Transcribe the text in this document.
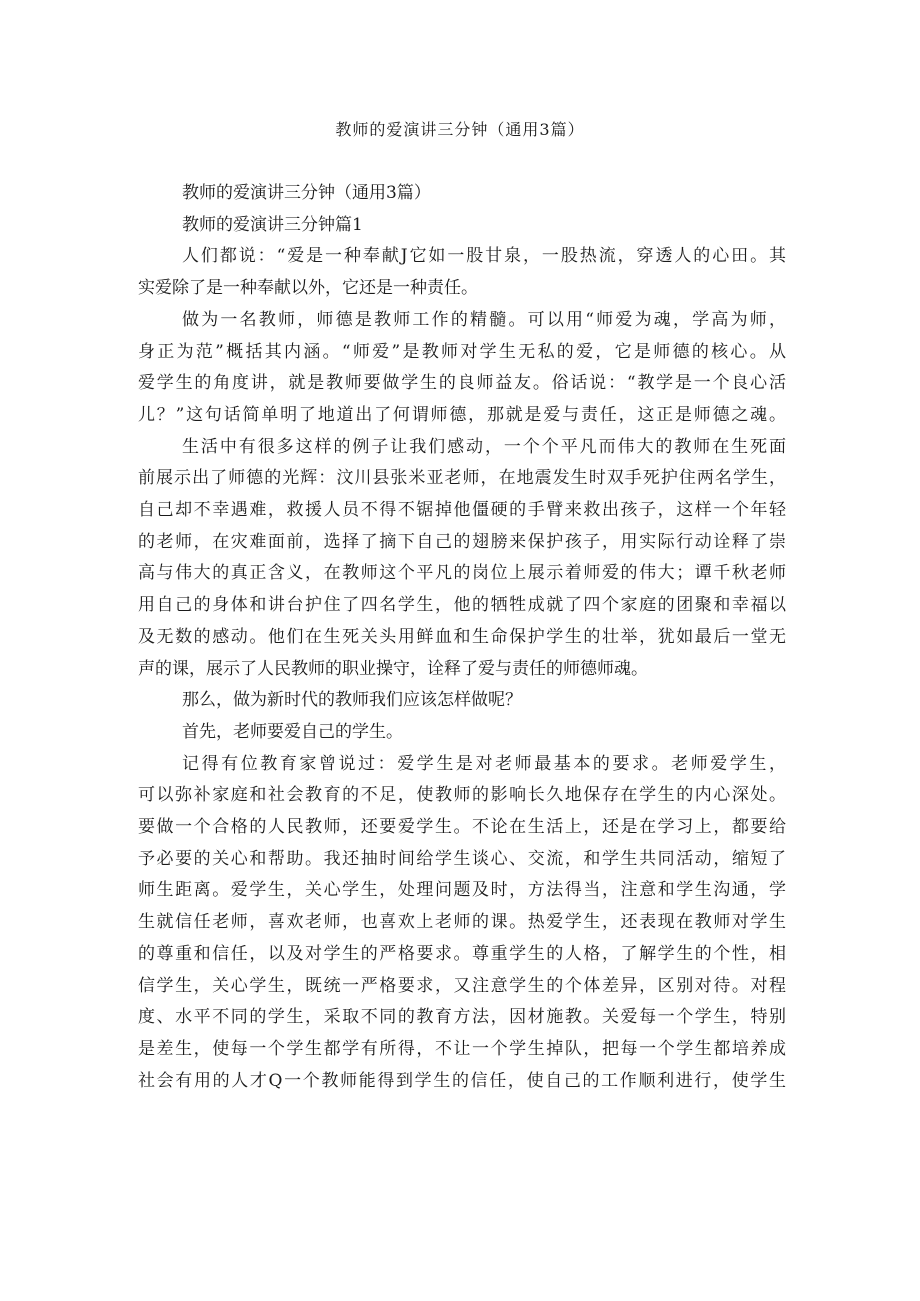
教师的爱演讲三分钟（通用3篇）
教师的爱演讲三分钟（通用3篇）
教师的爱演讲三分钟篇1
人们都说：“爱是一种奉献J它如一股甘泉，一股热流，穿透人的心田。其
实爱除了是一种奉献以外，它还是一种责任。
做为一名教师，师德是教师工作的精髓。可以用“师爱为魂，学高为师，
身正为范”概括其内涵。“师爱”是教师对学生无私的爱，它是师德的核心。从
爱学生的角度讲，就是教师要做学生的良师益友。俗话说：“教学是一个良心活
儿？”这句话简单明了地道出了何谓师德，那就是爱与责任，这正是师德之魂。
生活中有很多这样的例子让我们感动，一个个平凡而伟大的教师在生死面
前展示出了师德的光辉：汶川县张米亚老师，在地震发生时双手死护住两名学生，
自己却不幸遇难，救援人员不得不锯掉他僵硬的手臂来救出孩子，这样一个年轻
的老师，在灾难面前，选择了摘下自己的翅膀来保护孩子，用实际行动诠释了崇
高与伟大的真正含义，在教师这个平凡的岗位上展示着师爱的伟大；谭千秋老师
用自己的身体和讲台护住了四名学生，他的牺牲成就了四个家庭的团聚和幸福以
及无数的感动。他们在生死关头用鲜血和生命保护学生的壮举，犹如最后一堂无
声的课，展示了人民教师的职业操守，诠释了爱与责任的师德师魂。
那么，做为新时代的教师我们应该怎样做呢？
首先，老师要爱自己的学生。
记得有位教育家曾说过：爱学生是对老师最基本的要求。老师爱学生，
可以弥补家庭和社会教育的不足，使教师的影响长久地保存在学生的内心深处。
要做一个合格的人民教师，还要爱学生。不论在生活上，还是在学习上，都要给
予必要的关心和帮助。我还抽时间给学生谈心、交流，和学生共同活动，缩短了
师生距离。爱学生，关心学生，处理问题及时，方法得当，注意和学生沟通，学
生就信任老师，喜欢老师，也喜欢上老师的课。热爱学生，还表现在教师对学生
的尊重和信任，以及对学生的严格要求。尊重学生的人格，了解学生的个性，相
信学生，关心学生，既统一严格要求，又注意学生的个体差异，区别对待。对程
度、水平不同的学生，采取不同的教育方法，因材施教。关爱每一个学生，特别
是差生，使每一个学生都学有所得，不让一个学生掉队，把每一个学生都培养成
社会有用的人才Q一个教师能得到学生的信任，使自己的工作顺利进行，使学生
